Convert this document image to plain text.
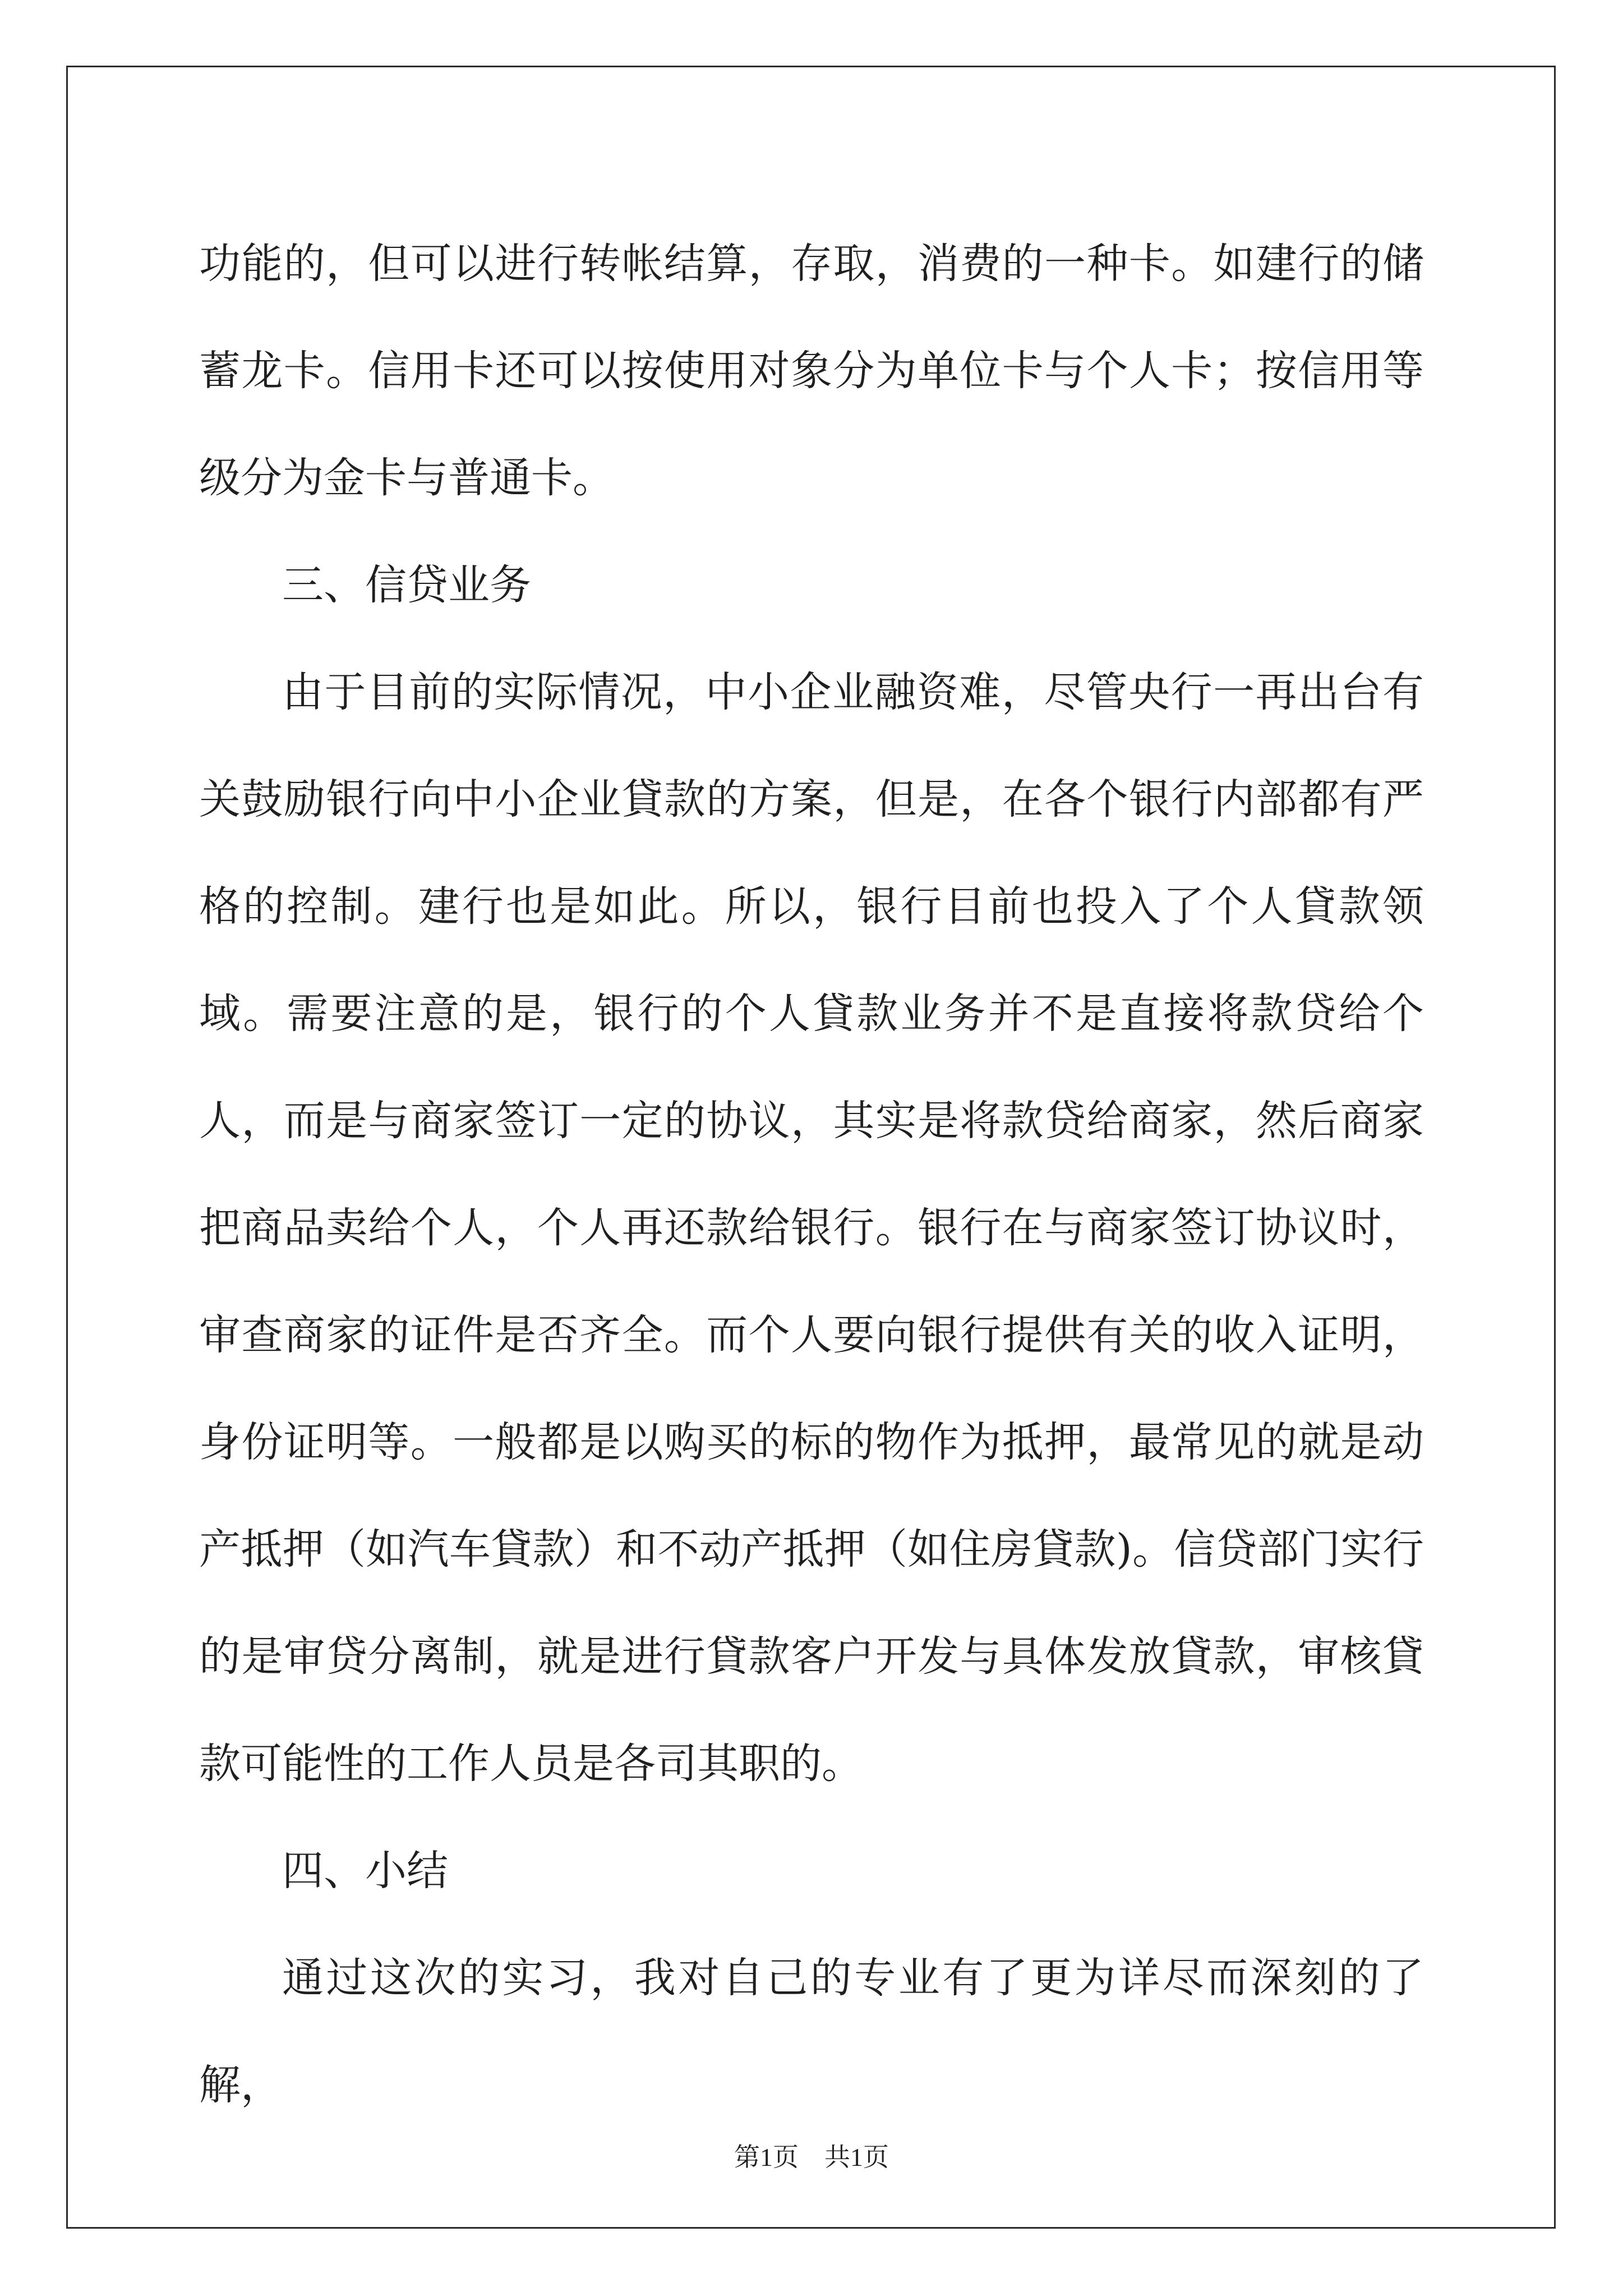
功能的，但可以进行转帐结算，存取，消费的一种卡。如建行的储蓄龙卡。信用卡还可以按使用对象分为单位卡与个人卡；按信用等级分为金卡与普通卡。

三、信贷业务

由于目前的实际情况，中小企业融资难，尽管央行一再出台有关鼓励银行向中小企业貸款的方案，但是，在各个银行内部都有严格的控制。建行也是如此。所以，银行目前也投入了个人貸款领域。需要注意的是，银行的个人貸款业务并不是直接将款贷给个人，而是与商家签订一定的协议，其实是将款贷给商家，然后商家把商品卖给个人，个人再还款给银行。银行在与商家签订协议时，审查商家的证件是否齐全。而个人要向银行提供有关的收入证明，身份证明等。一般都是以购买的标的物作为抵押，最常见的就是动产抵押（如汽车貸款）和不动产抵押（如住房貸款)。信贷部门实行的是审贷分离制，就是进行貸款客户开发与具体发放貸款，审核貸款可能性的工作人员是各司其职的。

四、小结

通过这次的实习，我对自己的专业有了更为详尽而深刻的了解，

第1页 共1页
